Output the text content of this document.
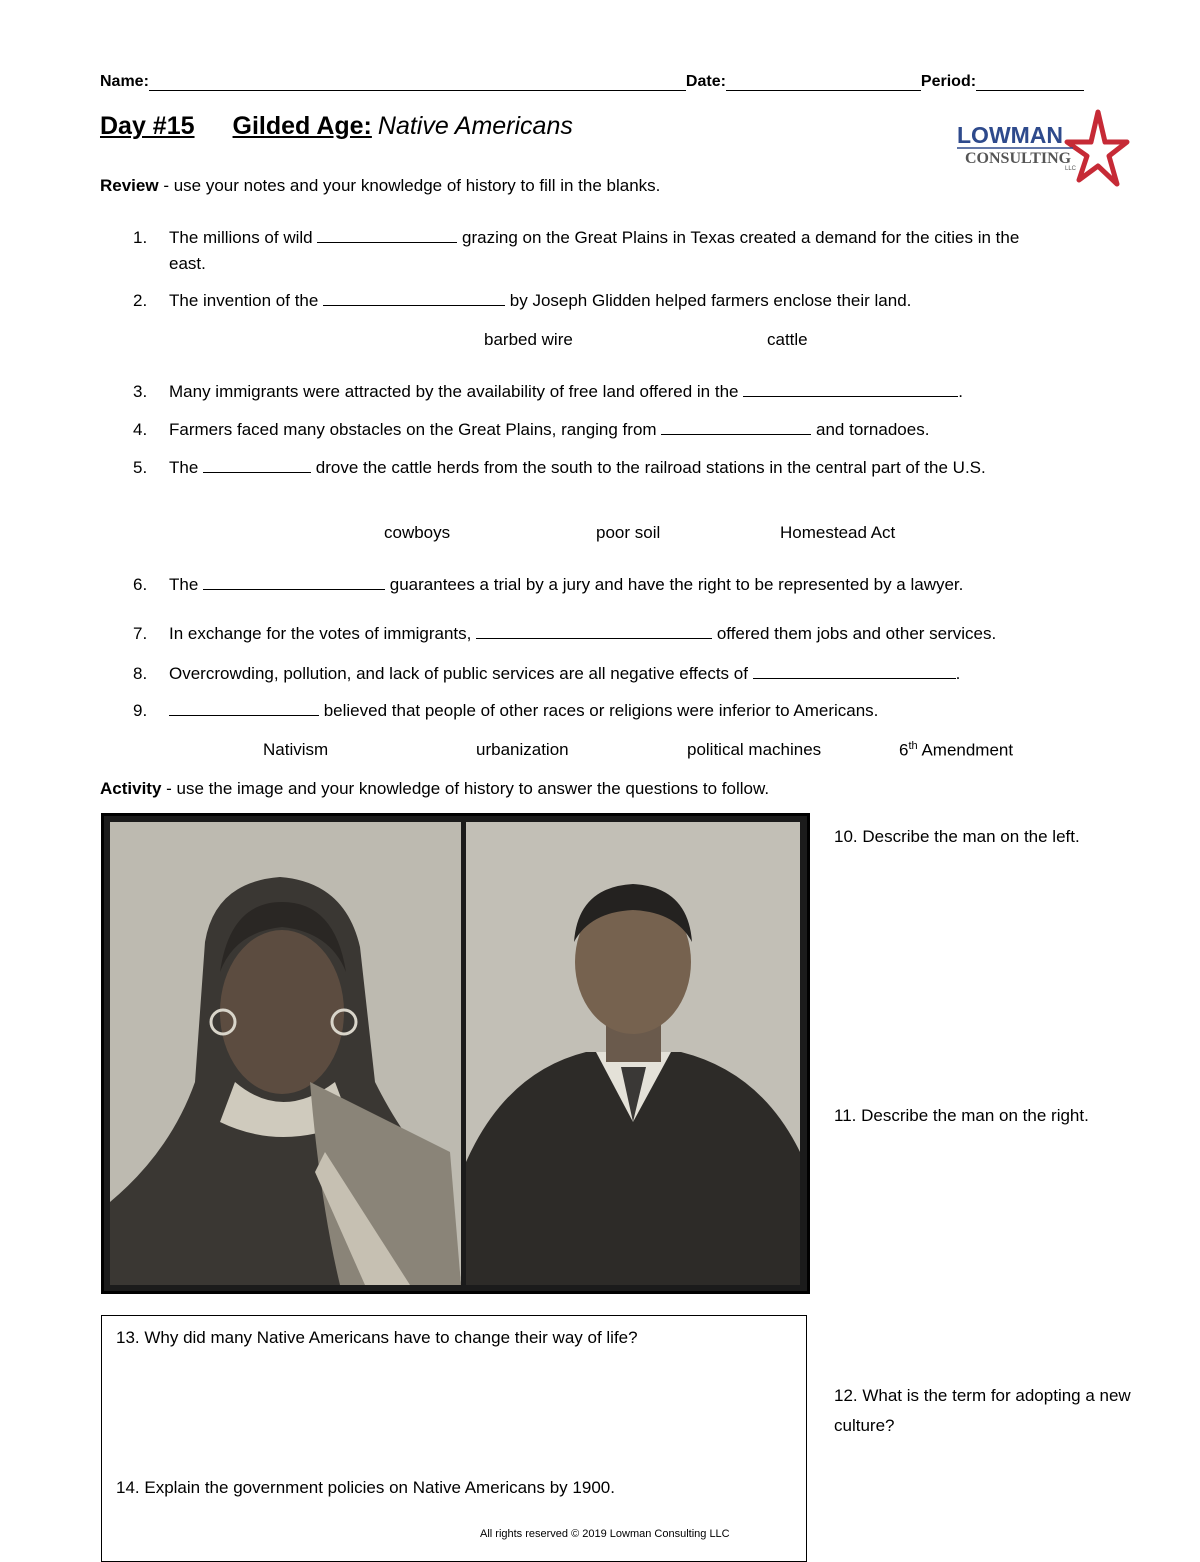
Name:	Date:	Period:
Day #15 Gilded Age: Native Americans	LOWMAN
CONSULTING
LLC
Review - use your notes and your knowledge of history to fill in the blanks.
1. The millions of wild	grazing on the Great Plains in Texas created a demand for the cities in the
east.
2. The invention of the	by Joseph Glidden helped farmers enclose their land.
barbed wire	cattle
3. Many immigrants were attracted by the availability of free land offered in the	.
4. Farmers faced many obstacles on the Great Plains, ranging from	and tornadoes.
5. The	drove the cattle herds from the south to the railroad stations in the central part of the U.S.
cowboys	poor soil	Homestead Act
6. The	guarantees a trial by a jury and have the right to be represented by a lawyer.
7. In exchange for the votes of immigrants,	offered them jobs and other services.
8. Overcrowding, pollution, and lack of public services are all negative effects of	.
9.	believed that people of other races or religions were inferior to Americans.
Nativism	urbanization	political machines	6th Amendment
Activity - use the image and your knowledge of history to answer the questions to follow.
10. Describe the man on the left.
11. Describe the man on the right.
12. What is the term for adopting a new culture?
13. Why did many Native Americans have to change their way of life?
14. Explain the government policies on Native Americans by 1900.
All rights reserved © 2019 Lowman Consulting LLC
